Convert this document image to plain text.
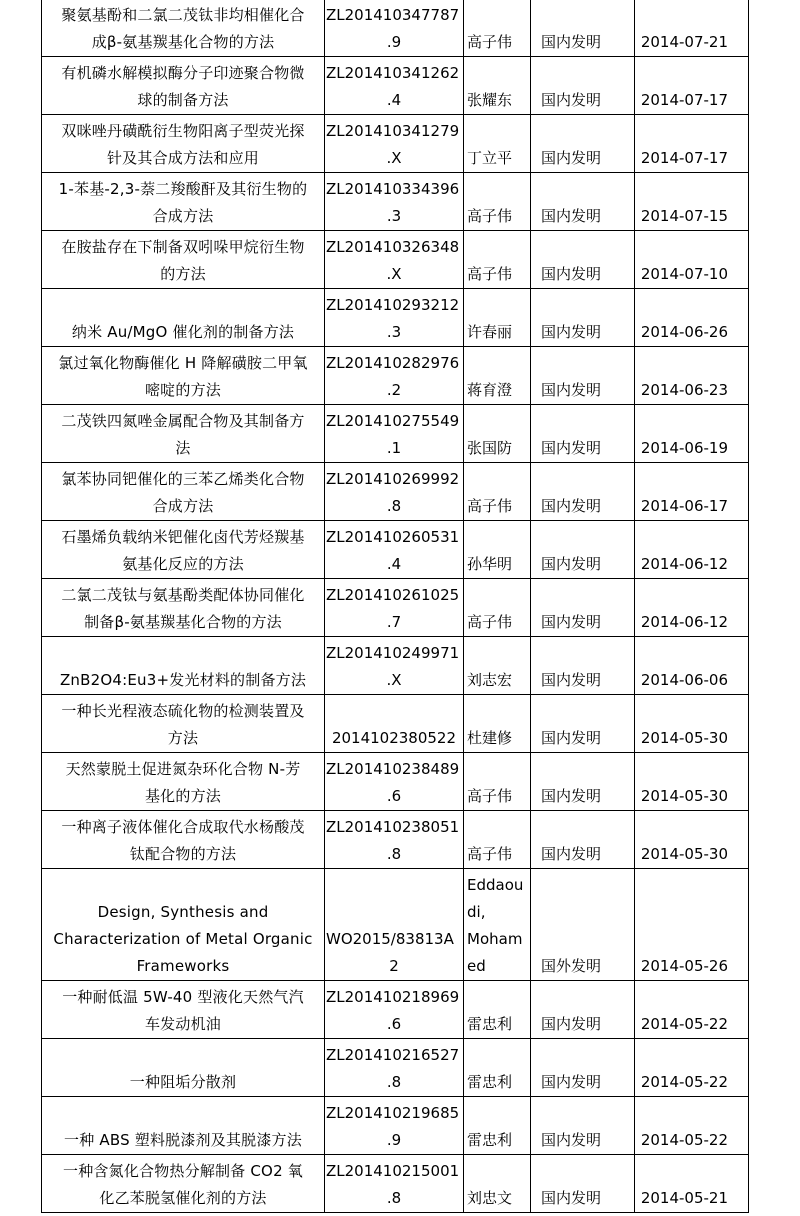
聚氨基酚和二氯二茂钛非均相催化合
成β-氨基羰基化合物的方法	ZL201410347787
.9	高子伟	国内发明	2014-07-21

有机磷水解模拟酶分子印迹聚合物微
球的制备方法	ZL201410341262
.4	张耀东	国内发明	2014-07-17

双咪唑丹磺酰衍生物阳离子型荧光探
针及其合成方法和应用	ZL201410341279
.X	丁立平	国内发明	2014-07-17

1-苯基-2,3-萘二羧酸酐及其衍生物的
合成方法	ZL201410334396
.3	高子伟	国内发明	2014-07-15

在胺盐存在下制备双吲哚甲烷衍生物
的方法	ZL201410326348
.X	高子伟	国内发明	2014-07-10

纳米 Au/MgO 催化剂的制备方法	ZL201410293212
.3	许春丽	国内发明	2014-06-26

氯过氧化物酶催化 H 降解磺胺二甲氧
嘧啶的方法	ZL201410282976
.2	蒋育澄	国内发明	2014-06-23

二茂铁四氮唑金属配合物及其制备方
法	ZL201410275549
.1	张国防	国内发明	2014-06-19

氯苯协同钯催化的三苯乙烯类化合物
合成方法	ZL201410269992
.8	高子伟	国内发明	2014-06-17

石墨烯负载纳米钯催化卤代芳烃羰基
氨基化反应的方法	ZL201410260531
.4	孙华明	国内发明	2014-06-12

二氯二茂钛与氨基酚类配体协同催化
制备β-氨基羰基化合物的方法	ZL201410261025
.7	高子伟	国内发明	2014-06-12

ZnB2O4:Eu3+发光材料的制备方法	ZL201410249971
.X	刘志宏	国内发明	2014-06-06

一种长光程液态硫化物的检测装置及
方法	2014102380522	杜建修	国内发明	2014-05-30

天然蒙脱土促进氮杂环化合物 N-芳
基化的方法	ZL201410238489
.6	高子伟	国内发明	2014-05-30

一种离子液体催化合成取代水杨酸茂
钛配合物的方法	ZL201410238051
.8	高子伟	国内发明	2014-05-30

Design, Synthesis and
Characterization of Metal Organic
Frameworks	WO2015/83813A
2	Eddaou
di,
Moham
ed	国外发明	2014-05-26

一种耐低温 5W-40 型液化天然气汽
车发动机油	ZL201410218969
.6	雷忠利	国内发明	2014-05-22

一种阻垢分散剂	ZL201410216527
.8	雷忠利	国内发明	2014-05-22

一种 ABS 塑料脱漆剂及其脱漆方法	ZL201410219685
.9	雷忠利	国内发明	2014-05-22

一种含氮化合物热分解制备 CO2 氧
化乙苯脱氢催化剂的方法	ZL201410215001
.8	刘忠文	国内发明	2014-05-21
